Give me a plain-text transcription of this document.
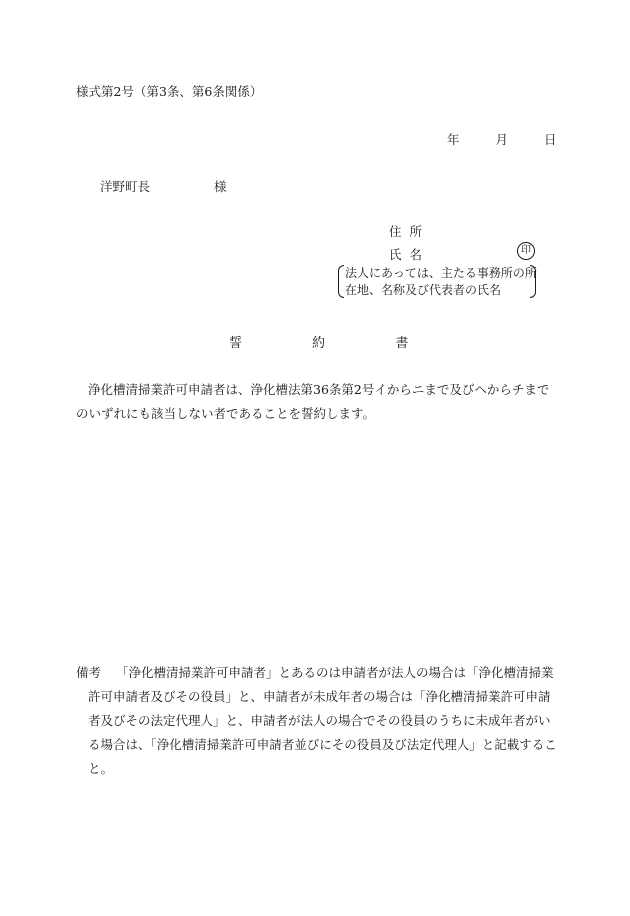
様式第2号（第3条、第6条関係）
年	月	日
洋野町長	様
住所
氏名	印
法人にあっては、主たる事務所の所
在地、名称及び代表者の氏名
誓	約	書
浄化槽清掃業許可申請者は、浄化槽法第36条第2号イからニまで及びヘからチまでのいずれにも該当しない者であることを誓約します。
備考	「浄化槽清掃業許可申請者」とあるのは申請者が法人の場合は「浄化槽清掃業許可申請者及びその役員」と、申請者が未成年者の場合は「浄化槽清掃業許可申請者及びその法定代理人」と、申請者が法人の場合でその役員のうちに未成年者がいる場合は、「浄化槽清掃業許可申請者並びにその役員及び法定代理人」と記載すること。
